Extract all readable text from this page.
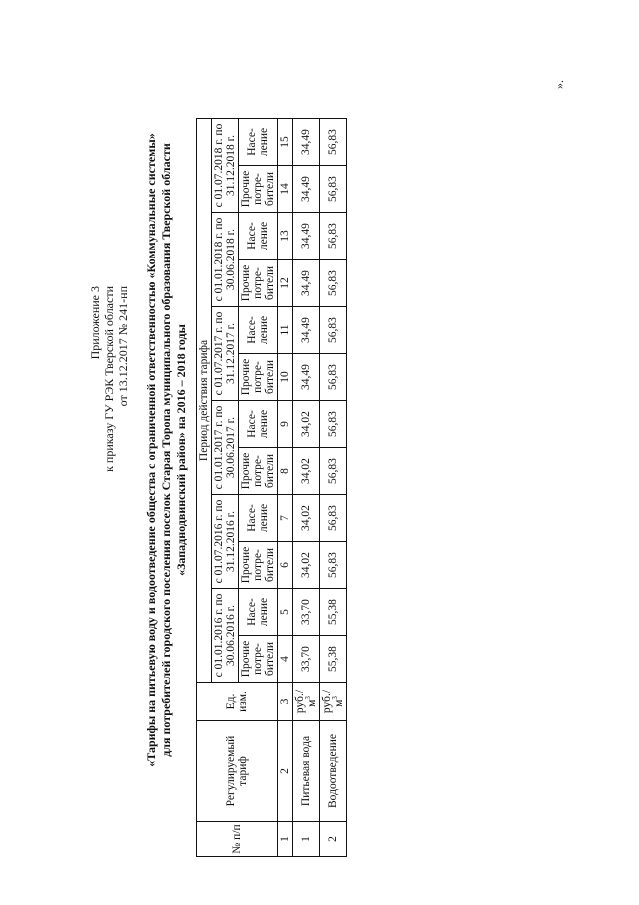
Приложение 3 к приказу ГУ РЭК Тверской области от 13.12.2017 № 241-нп «Тарифы на питьевую воду и водоотведение общества с ограниченной ответственностью «Коммунальные системы» для потребителей городского поселения поселок Старая Торопа муниципального образования Тверской области «Западнодвинский район» на 2016 – 2018 годы
№ п/п	Регулируемый тариф	Ед. изм.	Период действия тарифа											
			с 01.01.2016 г. по 30.06.2016 г.		с 01.07.2016 г. по 31.12.2016 г.		с 01.01.2017 г. по 30.06.2017 г.		с 01.07.2017 г. по 31.12.2017 г.		с 01.01.2018 г. по 30.06.2018 г.		с 01.07.2018 г. по 31.12.2018 г.	
			Прочие потре-бители	Насе-ление	Прочие потре-бители	Насе-ление	Прочие потре-бители	Насе-ление	Прочие потре-бители	Насе-ление	Прочие потре-бители	Насе-ление	Прочие потре-бители	Насе-ление
1	2	3	4	5	6	7	8	9	10	11	12	13	14	15
1	Питьевая вода	$руб./м^3$	33,70	33,70	34,02	34,02	34,02	34,02	34,49	34,49	34,49	34,49	34,49	34,49
2	Водоотведение	$руб./м^3$	55,38	55,38	56,83	56,83	56,83	56,83	56,83	56,83	56,83	56,83	56,83	56,83
».
